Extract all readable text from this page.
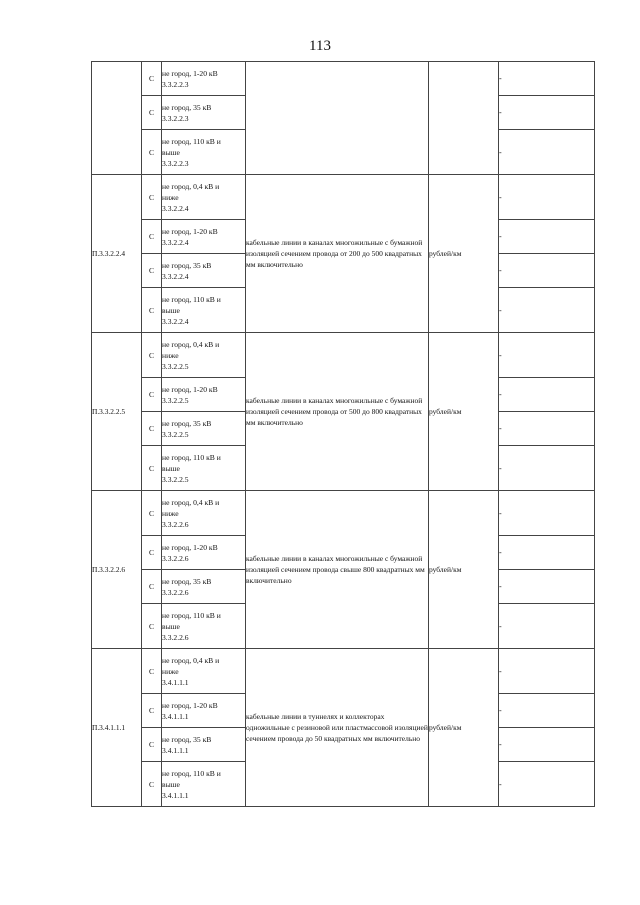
113
	С	не город, 1-20 кВ
3.3.2.2.3			-
	С	не город, 35 кВ
3.3.2.2.3			-
	С	не город, 110 кВ и
выше
3.3.2.2.3			-
П.3.3.2.2.4	С	не город, 0,4 кВ и
ниже
3.3.2.2.4	кабельные линии в каналах многожильные с бумажной изоляцией сечением провода от 200 до 500 квадратных мм включительно	рублей/км	-
	С	не город, 1-20 кВ
3.3.2.2.4			-
	С	не город, 35 кВ
3.3.2.2.4			-
	С	не город, 110 кВ и
выше
3.3.2.2.4			-
П.3.3.2.2.5	С	не город, 0,4 кВ и
ниже
3.3.2.2.5	кабельные линии в каналах многожильные с бумажной изоляцией сечением провода от 500 до 800 квадратных мм включительно	рублей/км	-
	С	не город, 1-20 кВ
3.3.2.2.5			-
	С	не город, 35 кВ
3.3.2.2.5			-
	С	не город, 110 кВ и
выше
3.3.2.2.5			-
П.3.3.2.2.6	С	не город, 0,4 кВ и
ниже
3.3.2.2.6	кабельные линии в каналах многожильные с бумажной изоляцией сечением провода свыше 800 квадратных мм включительно	рублей/км	-
	С	не город, 1-20 кВ
3.3.2.2.6			-
	С	не город, 35 кВ
3.3.2.2.6			-
	С	не город, 110 кВ и
выше
3.3.2.2.6			-
П.3.4.1.1.1	С	не город, 0,4 кВ и
ниже
3.4.1.1.1	кабельные линии в туннелях и коллекторах одножильные с резиновой или пластмассовой изоляцией сечением провода до 50 квадратных мм включительно	рублей/км	-
	С	не город, 1-20 кВ
3.4.1.1.1			-
	С	не город, 35 кВ
3.4.1.1.1			-
	С	не город, 110 кВ и
выше
3.4.1.1.1			-
